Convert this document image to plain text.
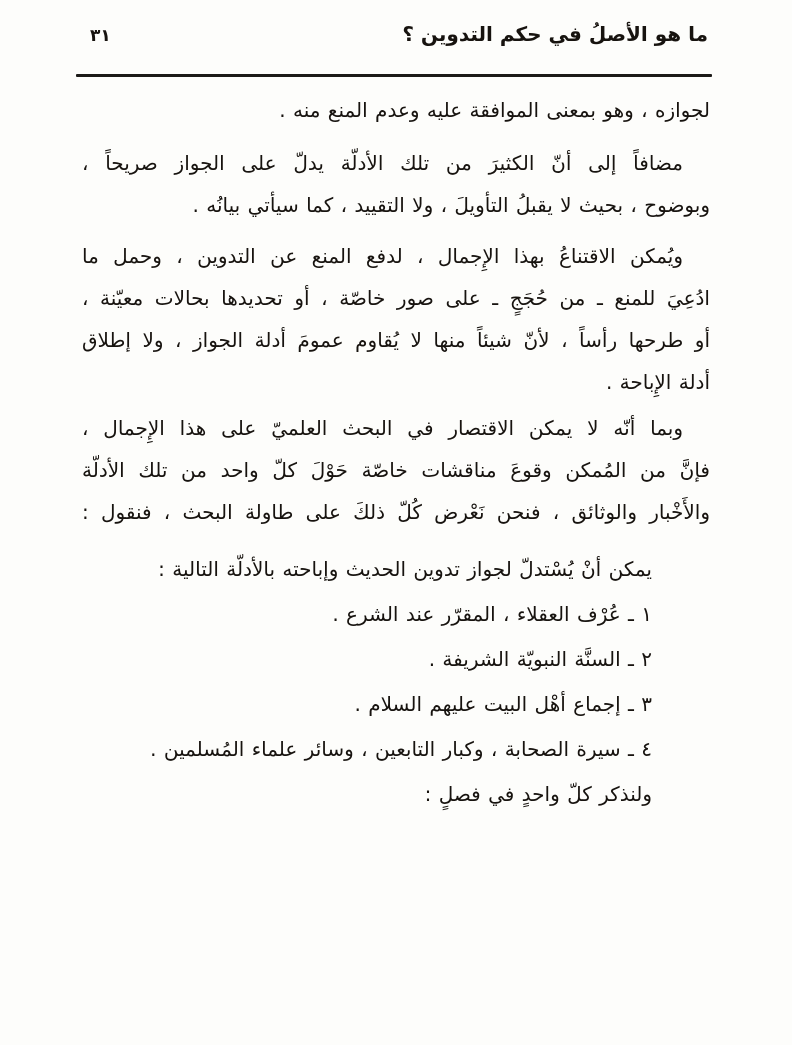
ما هو الأصلُ في حكم التدوين ؟
٣١
لجوازه ، وهو بمعنى الموافقة عليه وعدم المنع منه .
مضافاً إلى أنّ الكثيرَ من تلك الأدلّة يدلّ على الجواز صريحاً ،
وبوضوح ، بحيث لا يقبلُ التأويلَ ، ولا التقييد ، كما سيأتي بيانُه .
ويُمكن الاقتناعُ بهذا الإِجمال ، لدفع المنع عن التدوين ، وحمل ما
ادُعِيَ للمنع ـ من حُجَجٍ ـ على صور خاصّة ، أو تحديدها بحالات معيّنة ،
أو طرحها رأساً ، لأنّ شيئاً منها لا يُقاوم عمومَ أدلة الجواز ، ولا إطلاق
أدلة الإِباحة .
وبما أنّه لا يمكن الاقتصار في البحث العلميّ على هذا الإِجمال ،
فإنَّ من المُمكن وقوعَ مناقشات خاصّة حَوْلَ كلّ واحد من تلك الأدلّة
والأَخْبار والوثائق ، فنحن نَعْرض كُلّ ذلكَ على طاولة البحث ، فنقول :
يمكن أنْ يُسْتدلّ لجواز تدوين الحديث وإباحته بالأدلّة التالية :
١ ـ عُرْف العقلاء ، المقرّر عند الشرع .
٢ ـ السنَّة النبويّة الشريفة .
٣ ـ إجماع أهْل البيت عليهم السلام .
٤ ـ سيرة الصحابة ، وكبار التابعين ، وسائر علماء المُسلمين .
ولنذكر كلّ واحدٍ في فصلٍ :
